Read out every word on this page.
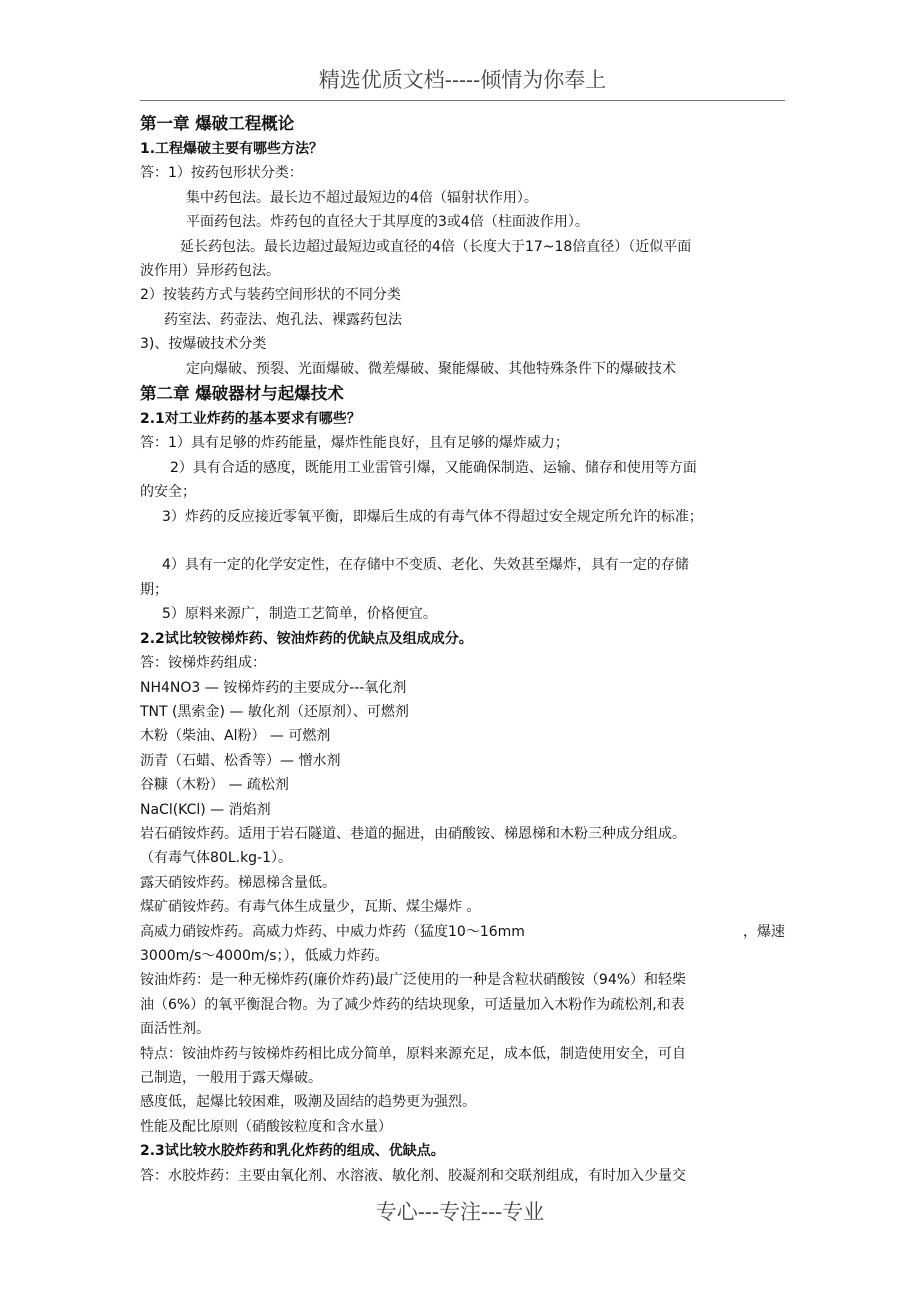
精选优质文档-----倾情为你奉上

第一章 爆破工程概论

1.工程爆破主要有哪些方法？

答：1）按药包形状分类：

集中药包法。最长边不超过最短边的4倍（辐射状作用）。

平面药包法。炸药包的直径大于其厚度的3或4倍（柱面波作用）。

延长药包法。最长边超过最短边或直径的4倍（长度大于17~18倍直径）（近似平面

波作用）异形药包法。

2）按装药方式与装药空间形状的不同分类

药室法、药壶法、炮孔法、裸露药包法

3)、按爆破技术分类

定向爆破、预裂、光面爆破、微差爆破、聚能爆破、其他特殊条件下的爆破技术

第二章 爆破器材与起爆技术

2.1对工业炸药的基本要求有哪些？

答：1）具有足够的炸药能量，爆炸性能良好，且有足够的爆炸威力；

2）具有合适的感度，既能用工业雷管引爆，又能确保制造、运输、储存和使用等方面

的安全；

3）炸药的反应接近零氧平衡，即爆后生成的有毒气体不得超过安全规定所允许的标准；

4）具有一定的化学安定性，在存储中不变质、老化、失效甚至爆炸，具有一定的存储

期；

5）原料来源广，制造工艺简单，价格便宜。

2.2试比较铵梯炸药、铵油炸药的优缺点及组成成分。

答：铵梯炸药组成：

NH4NO3 — 铵梯炸药的主要成分---氧化剂

TNT (黑索金) — 敏化剂（还原剂）、可燃剂

木粉（柴油、Al粉） — 可燃剂

沥青（石蜡、松香等）— 憎水剂

谷糠（木粉） — 疏松剂

NaCl(KCl) — 消焰剂

岩石硝铵炸药。适用于岩石隧道、巷道的掘进，由硝酸铵、梯恩梯和木粉三种成分组成。

（有毒气体80L.kg-1）。

露天硝铵炸药。梯恩梯含量低。

煤矿硝铵炸药。有毒气体生成量少，瓦斯、煤尘爆炸 。

高威力硝铵炸药。高威力炸药、中威力炸药（猛度10～16mm	，爆速

3000m/s～4000m/s；），低威力炸药。

铵油炸药：是一种无梯炸药(廉价炸药)最广泛使用的一种是含粒状硝酸铵（94%）和轻柴

油（6%）的氧平衡混合物。为了减少炸药的结块现象，可适量加入木粉作为疏松剂,和表

面活性剂。

特点：铵油炸药与铵梯炸药相比成分简单，原料来源充足，成本低，制造使用安全，可自

己制造，一般用于露天爆破。

感度低，起爆比较困难，吸潮及固结的趋势更为强烈。

性能及配比原则（硝酸铵粒度和含水量）

2.3试比较水胶炸药和乳化炸药的组成、优缺点。

答：水胶炸药：主要由氧化剂、水溶液、敏化剂、胶凝剂和交联剂组成，有时加入少量交

专心---专注---专业
